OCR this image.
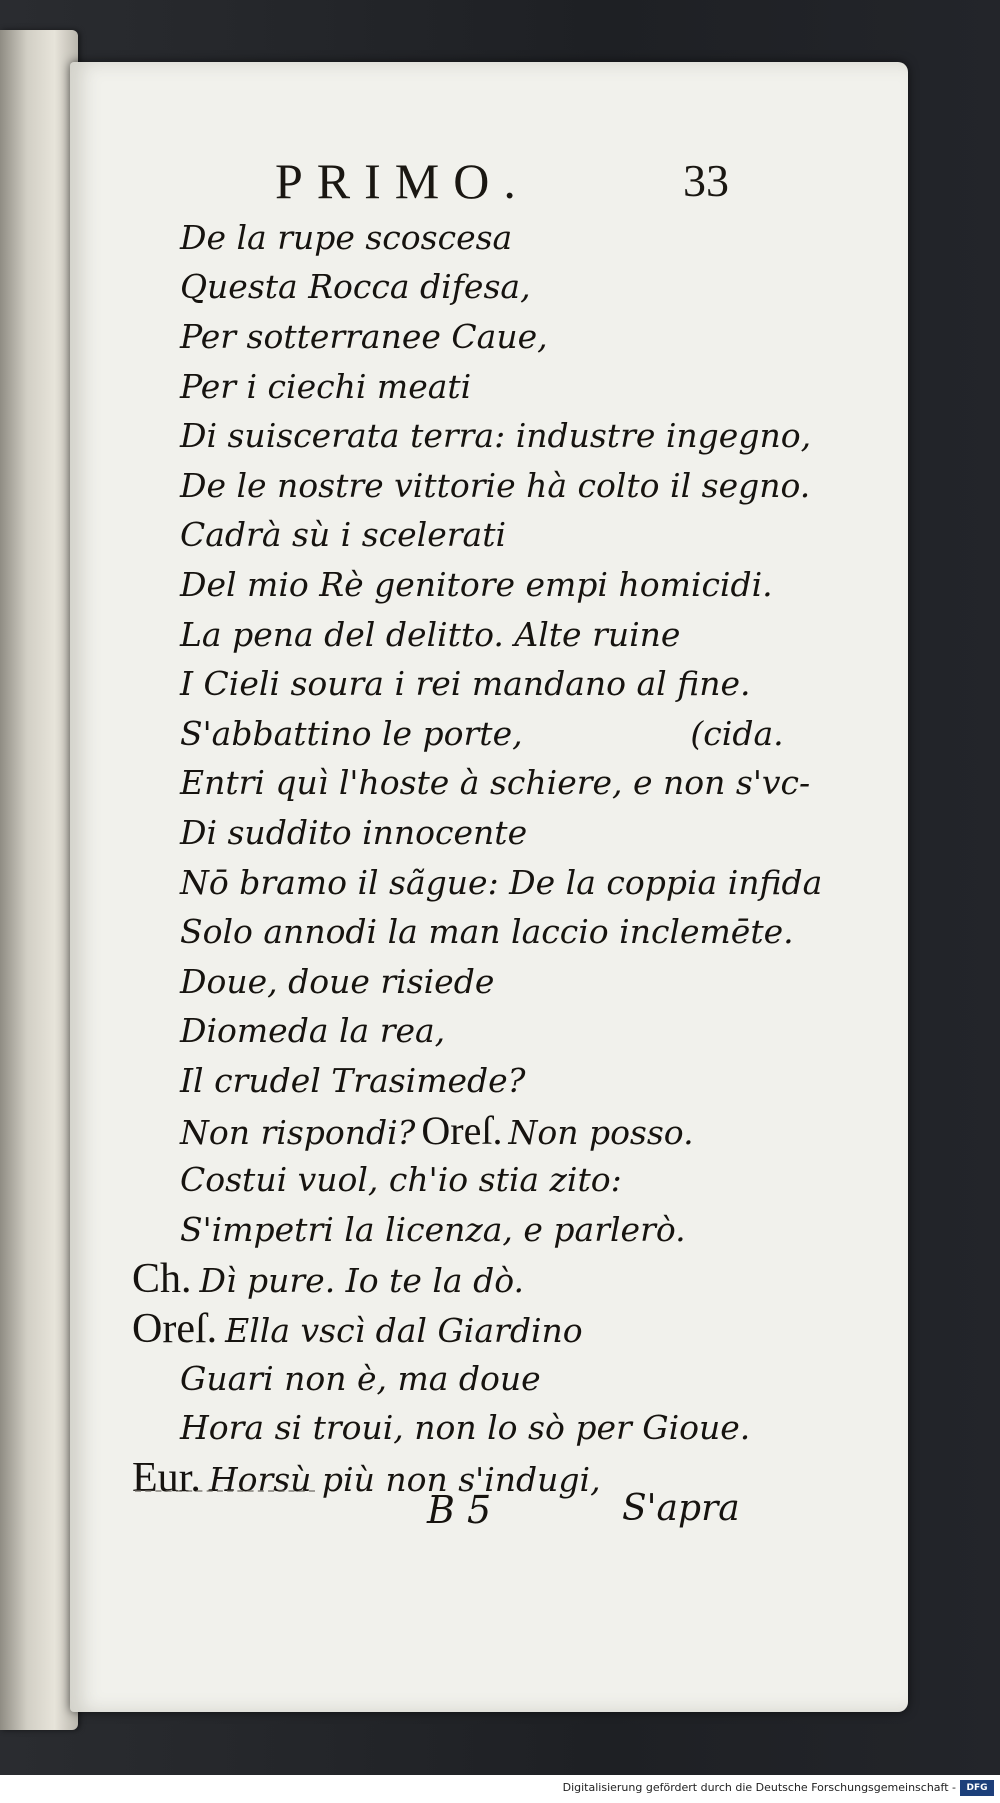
PRIMO.	33
De la rupe scoscesa
Questa Rocca difesa,
Per sotterranee Caue,
Per i ciechi meati
Di suiscerata terra: industre ingegno,
De le nostre vittorie hà colto il segno.
Cadrà sù i scelerati
Del mio Rè genitore empi homicidi.
La pena del delitto. Alte ruine
I Cieli soura i rei mandano al fine.
S'abbattino le porte,                (cida.
Entri quì l'hoste à schiere, e non s'vc-
Di suddito innocente
Nō bramo il sãgue: De la coppia infida
Solo annodi la man laccio inclemēte.
Doue, doue risiede
Diomeda la rea,
Il crudel Trasimede?
Non rispondi? Oreſ. Non posso.
Costui vuol, ch'io stia zito:
S'impetri la licenza, e parlerò.
Ch. Dì pure. Io te la dò.
Oreſ. Ella vscì dal Giardino
Guari non è, ma doue
Hora si troui, non lo sò per Gioue.
Eur. Horsù più non s'indugi,
B 5	S'apra
Digitalisierung gefördert durch die Deutsche Forschungsgemeinschaft -	DFG
